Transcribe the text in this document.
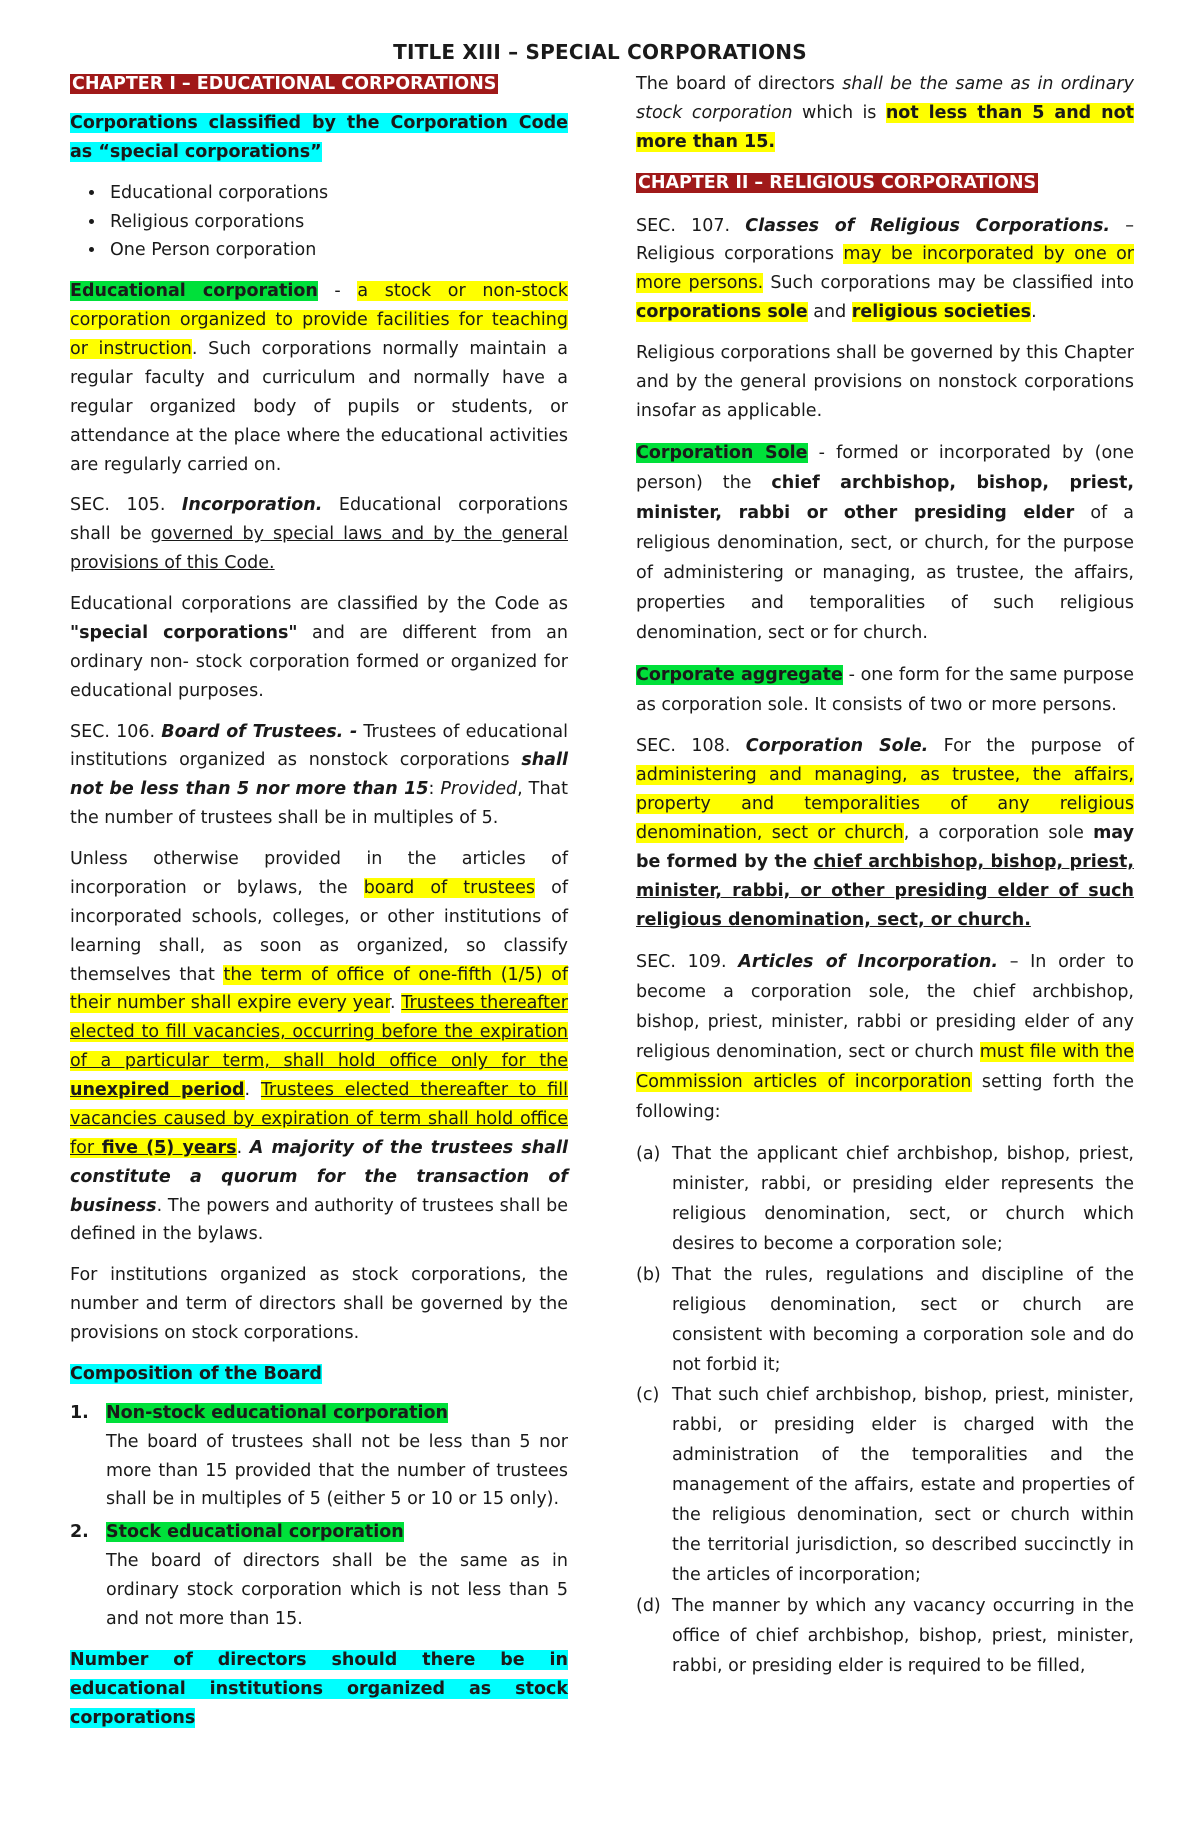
TITLE XIII – SPECIAL CORPORATIONS

CHAPTER I – EDUCATIONAL CORPORATIONS

Corporations classified by the Corporation Code as “special corporations”

• Educational corporations
• Religious corporations
• One Person corporation

Educational corporation - a stock or non-stock corporation organized to provide facilities for teaching or instruction. Such corporations normally maintain a regular faculty and curriculum and normally have a regular organized body of pupils or students, or attendance at the place where the educational activities are regularly carried on.

SEC. 105. Incorporation. Educational corporations shall be governed by special laws and by the general provisions of this Code.

Educational corporations are classified by the Code as "special corporations" and are different from an ordinary non- stock corporation formed or organized for educational purposes.

SEC. 106. Board of Trustees. - Trustees of educational institutions organized as nonstock corporations shall not be less than 5 nor more than 15: Provided, That the number of trustees shall be in multiples of 5.

Unless otherwise provided in the articles of incorporation or bylaws, the board of trustees of incorporated schools, colleges, or other institutions of learning shall, as soon as organized, so classify themselves that the term of office of one-fifth (1/5) of their number shall expire every year. Trustees thereafter elected to fill vacancies, occurring before the expiration of a particular term, shall hold office only for the unexpired period. Trustees elected thereafter to fill vacancies caused by expiration of term shall hold office for five (5) years. A majority of the trustees shall constitute a quorum for the transaction of business. The powers and authority of trustees shall be defined in the bylaws.

For institutions organized as stock corporations, the number and term of directors shall be governed by the provisions on stock corporations.

Composition of the Board

1. Non-stock educational corporation
The board of trustees shall not be less than 5 nor more than 15 provided that the number of trustees shall be in multiples of 5 (either 5 or 10 or 15 only).
2. Stock educational corporation
The board of directors shall be the same as in ordinary stock corporation which is not less than 5 and not more than 15.

Number of directors should there be in educational institutions organized as stock corporations

The board of directors shall be the same as in ordinary stock corporation which is not less than 5 and not more than 15.

CHAPTER II – RELIGIOUS CORPORATIONS

SEC. 107. Classes of Religious Corporations. – Religious corporations may be incorporated by one or more persons. Such corporations may be classified into corporations sole and religious societies.

Religious corporations shall be governed by this Chapter and by the general provisions on nonstock corporations insofar as applicable.

Corporation Sole - formed or incorporated by (one person) the chief archbishop, bishop, priest, minister, rabbi or other presiding elder of a religious denomination, sect, or church, for the purpose of administering or managing, as trustee, the affairs, properties and temporalities of such religious denomination, sect or for church.

Corporate aggregate - one form for the same purpose as corporation sole. It consists of two or more persons.

SEC. 108. Corporation Sole. For the purpose of administering and managing, as trustee, the affairs, property and temporalities of any religious denomination, sect or church, a corporation sole may be formed by the chief archbishop, bishop, priest, minister, rabbi, or other presiding elder of such religious denomination, sect, or church.

SEC. 109. Articles of Incorporation. – In order to become a corporation sole, the chief archbishop, bishop, priest, minister, rabbi or presiding elder of any religious denomination, sect or church must file with the Commission articles of incorporation setting forth the following:

(a) That the applicant chief archbishop, bishop, priest, minister, rabbi, or presiding elder represents the religious denomination, sect, or church which desires to become a corporation sole;
(b) That the rules, regulations and discipline of the religious denomination, sect or church are consistent with becoming a corporation sole and do not forbid it;
(c) That such chief archbishop, bishop, priest, minister, rabbi, or presiding elder is charged with the administration of the temporalities and the management of the affairs, estate and properties of the religious denomination, sect or church within the territorial jurisdiction, so described succinctly in the articles of incorporation;
(d) The manner by which any vacancy occurring in the office of chief archbishop, bishop, priest, minister, rabbi, or presiding elder is required to be filled,
